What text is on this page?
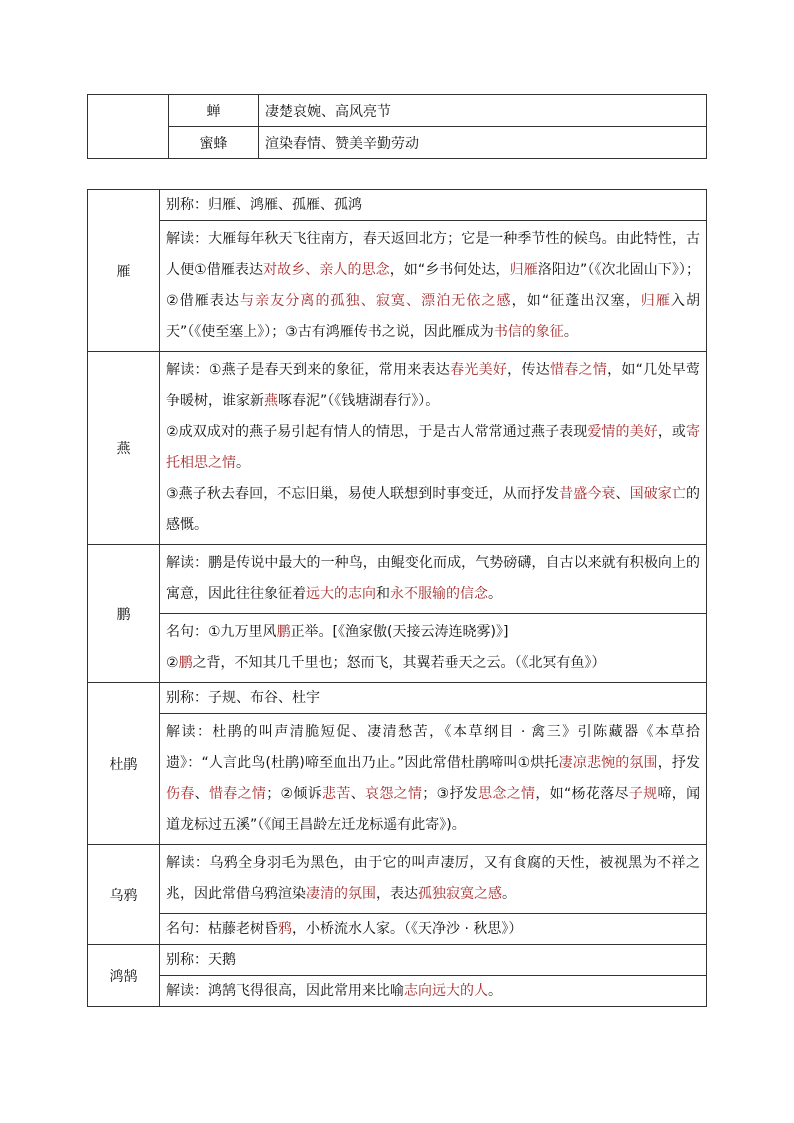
	蝉	凄楚哀婉、高风亮节
	蜜蜂	渲染春情、赞美辛勤劳动
雁	别称：归雁、鸿雁、孤雁、孤鸿
	解读：大雁每年秋天飞往南方，春天返回北方；它是一种季节性的候鸟。由此特性，古人便①借雁表达对故乡、亲人的思念，如“乡书何处达，归雁洛阳边”（《次北固山下》）；②借雁表达与亲友分离的孤独、寂寞、漂泊无依之感，如“征蓬出汉塞，归雁入胡天”（《使至塞上》）；③古有鸿雁传书之说，因此雁成为书信的象征。
燕	解读：①燕子是春天到来的象征，常用来表达春光美好，传达惜春之情，如“几处早莺争暖树，谁家新燕啄春泥”（《钱塘湖春行》）。
②成双成对的燕子易引起有情人的情思，于是古人常常通过燕子表现爱情的美好，或寄托相思之情。
③燕子秋去春回，不忘旧巢，易使人联想到时事变迁，从而抒发昔盛今衰、国破家亡的感慨。

鹏	解读：鹏是传说中最大的一种鸟，由鲲变化而成，气势磅礴，自古以来就有积极向上的寓意，因此往往象征着远大的志向和永不服输的信念。

	名句：①九万里风鹏正举。[《渔家傲(天接云涛连晓雾)》]
②鹏之背，不知其几千里也；怒而飞，其翼若垂天之云。（《北冥有鱼》）

杜鹃	别称：子规、布谷、杜宇
	解读：杜鹃的叫声清脆短促、凄清愁苦，《本草纲目 · 禽三》引陈藏器《本草拾遗》：“人言此鸟(杜鹃)啼至血出乃止。”因此常借杜鹃啼叫①烘托凄凉悲惋的氛围，抒发伤春、惜春之情；②倾诉悲苦、哀怨之情；③抒发思念之情，如“杨花落尽子规啼，闻道龙标过五溪”（《闻王昌龄左迁龙标遥有此寄》)。
乌鸦	解读：乌鸦全身羽毛为黑色，由于它的叫声凄厉，又有食腐的天性，被视黑为不祥之兆，因此常借乌鸦渲染凄清的氛围，表达孤独寂寞之感。
	名句：枯藤老树昏鸦，小桥流水人家。（《天净沙 · 秋思》）
鸿鹄	别称：天鹅
	解读：鸿鹄飞得很高，因此常用来比喻志向远大的人。
